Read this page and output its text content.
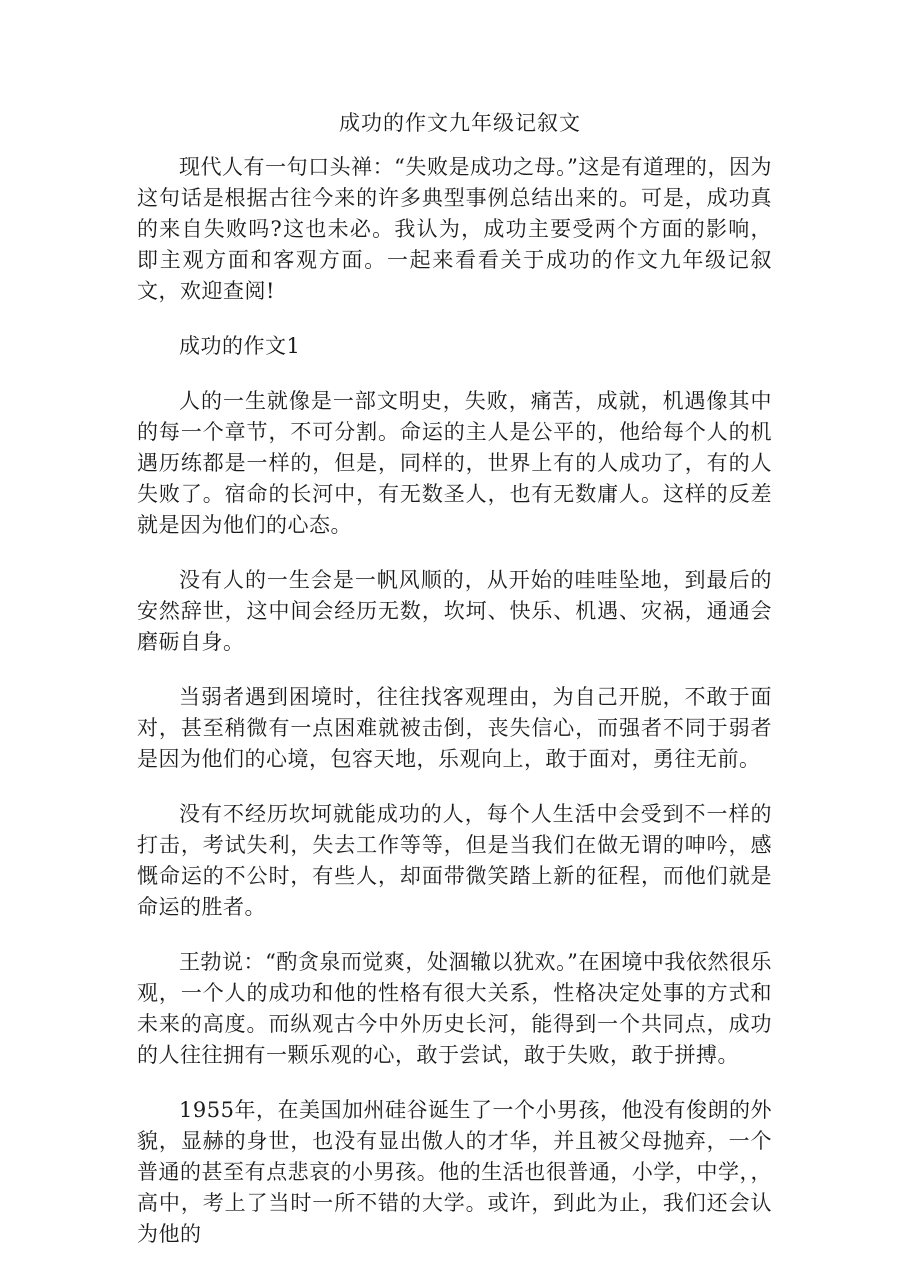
成功的作文九年级记叙文

现代人有一句口头禅：“失败是成功之母。”这是有道理的，因为这句话是根据古往今来的许多典型事例总结出来的。可是，成功真的来自失败吗?这也未必。我认为，成功主要受两个方面的影响，即主观方面和客观方面。一起来看看关于成功的作文九年级记叙文，欢迎查阅!

成功的作文1

人的一生就像是一部文明史，失败，痛苦，成就，机遇像其中的每一个章节，不可分割。命运的主人是公平的，他给每个人的机遇历练都是一样的，但是，同样的，世界上有的人成功了，有的人失败了。宿命的长河中，有无数圣人，也有无数庸人。这样的反差就是因为他们的心态。

没有人的一生会是一帆风顺的，从开始的哇哇坠地，到最后的安然辞世，这中间会经历无数，坎坷、快乐、机遇、灾祸，通通会磨砺自身。

当弱者遇到困境时，往往找客观理由，为自己开脱，不敢于面对，甚至稍微有一点困难就被击倒，丧失信心，而强者不同于弱者是因为他们的心境，包容天地，乐观向上，敢于面对，勇往无前。

没有不经历坎坷就能成功的人，每个人生活中会受到不一样的打击，考试失利，失去工作等等，但是当我们在做无谓的呻吟，感慨命运的不公时，有些人，却面带微笑踏上新的征程，而他们就是命运的胜者。

王勃说：“酌贪泉而觉爽，处涸辙以犹欢。”在困境中我依然很乐观，一个人的成功和他的性格有很大关系，性格决定处事的方式和未来的高度。而纵观古今中外历史长河，能得到一个共同点，成功的人往往拥有一颗乐观的心，敢于尝试，敢于失败，敢于拼搏。

1955年，在美国加州硅谷诞生了一个小男孩，他没有俊朗的外貌，显赫的身世，也没有显出傲人的才华，并且被父母抛弃，一个普通的甚至有点悲哀的小男孩。他的生活也很普通，小学，中学，，高中，考上了当时一所不错的大学。或许，到此为止，我们还会认为他的
